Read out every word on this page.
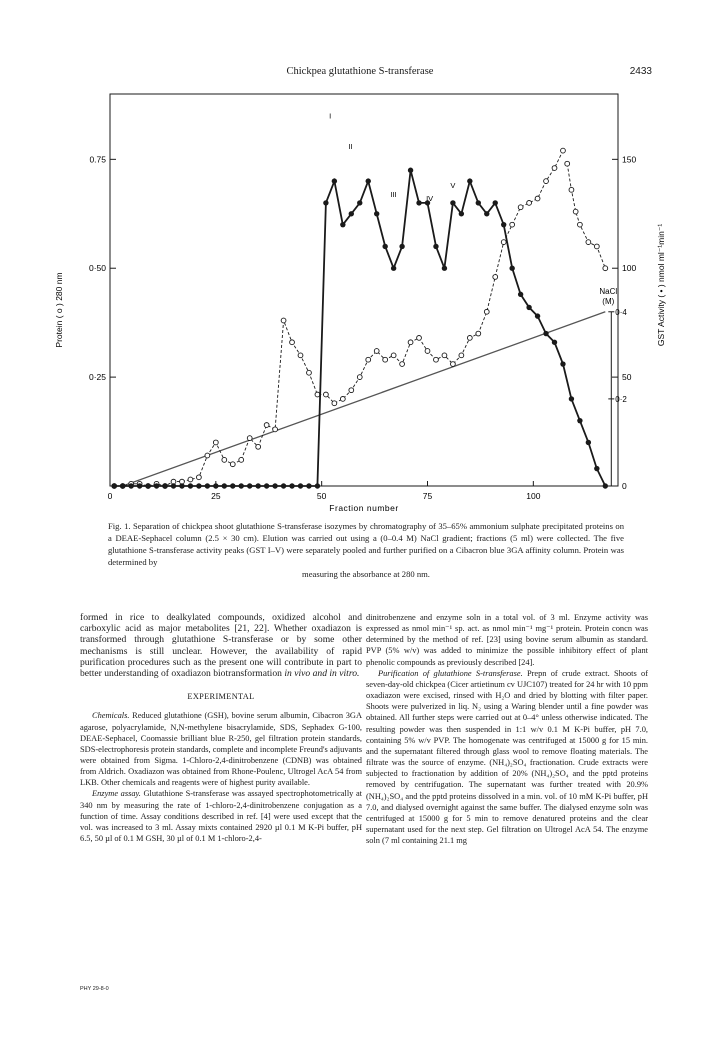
Chickpea glutathione S-transferase	2433
0	25	50	75	100
Fraction number
0·25
0·50
0.75
Protein ( o ) 280 nm
0
50
100
150
GST Activity ( • ) nmol ml⁻¹min⁻¹
0·2
0·4
NaCl
(M)
I
II
III	IV
V
Fig. 1. Separation of chickpea shoot glutathione S-transferase isozymes by chromatography of 35–65% ammonium sulphate precipitated proteins on a DEAE-Sephacel column (2.5 × 30 cm). Elution was carried out using a (0–0.4 M) NaCl gradient; fractions (5 ml) were collected. The five glutathione S-transferase activity peaks (GST I–V) were separately pooled and further purified on a Cibacron blue 3GA affinity column. Protein was determined by
measuring the absorbance at 280 nm.

formed in rice to dealkylated compounds, oxidized alcohol and carboxylic acid as major metabolites [21, 22]. Whether oxadiazon is transformed through glutathione S-transferase or by some other mechanisms is still unclear. However, the availability of rapid purification procedures such as the present one will contribute in part to better understanding of oxadiazon biotransformation in vivo and in vitro.

EXPERIMENTAL

Chemicals. Reduced glutathione (GSH), bovine serum albumin, Cibacron 3GA agarose, polyacrylamide, N,N-methylene bisacrylamide, SDS, Sephadex G-100, DEAE-Sephacel, Coomassie brilliant blue R-250, gel filtration protein standards, SDS-electrophoresis protein standards, complete and incomplete Freund's adjuvants were obtained from Sigma. 1-Chloro-2,4-dinitrobenzene (CDNB) was obtained from Aldrich. Oxadiazon was obtained from Rhone-Poulenc, Ultrogel AcA 54 from LKB. Other chemicals and reagents were of highest purity available.

Enzyme assay. Glutathione S-transferase was assayed spectrophotometrically at 340 nm by measuring the rate of 1-chloro-2,4-dinitrobenzene conjugation as a function of time. Assay conditions described in ref. [4] were used except that the vol. was increased to 3 ml. Assay mixts contained 2920 µl 0.1 M K-Pi buffer, pH 6.5, 50 µl of 0.1 M GSH, 30 µl of 0.1 M 1-chloro-2,4-

dinitrobenzene and enzyme soln in a total vol. of 3 ml. Enzyme activity was expressed as nmol min⁻¹ sp. act. as nmol min⁻¹ mg⁻¹ protein. Protein concn was determined by the method of ref. [23] using bovine serum albumin as standard. PVP (5% w/v) was added to minimize the possible inhibitory effect of plant phenolic compounds as previously described [24].

Purification of glutathione S-transferase. Prepn of crude extract. Shoots of seven-day-old chickpea (Cicer artietinum cv UJC107) treated for 24 hr with 10 ppm oxadiazon were excised, rinsed with H₂O and dried by blotting with filter paper. Shoots were pulverized in liq. N₂ using a Waring blender until a fine powder was obtained. All further steps were carried out at 0–4° unless otherwise indicated. The resulting powder was then suspended in 1:1 w/v 0.1 M K-Pi buffer, pH 7.0, containing 5% w/v PVP. The homogenate was centrifuged at 15000 g for 15 min. and the supernatant filtered through glass wool to remove floating materials. The filtrate was the source of enzyme. (NH₄)₂SO₄ fractionation. Crude extracts were subjected to fractionation by addition of 20% (NH₄)₂SO₄ and the pptd proteins removed by centrifugation. The supernatant was further treated with 20.9% (NH₄)₂SO₄ and the pptd proteins dissolved in a min. vol. of 10 mM K-Pi buffer, pH 7.0, and dialysed overnight against the same buffer. The dialysed enzyme soln was centrifuged at 15000 g for 5 min to remove denatured proteins and the clear supernatant used for the next step. Gel filtration on Ultrogel AcA 54. The enzyme soln (7 ml containing 21.1 mg

PHY 29-8-0
